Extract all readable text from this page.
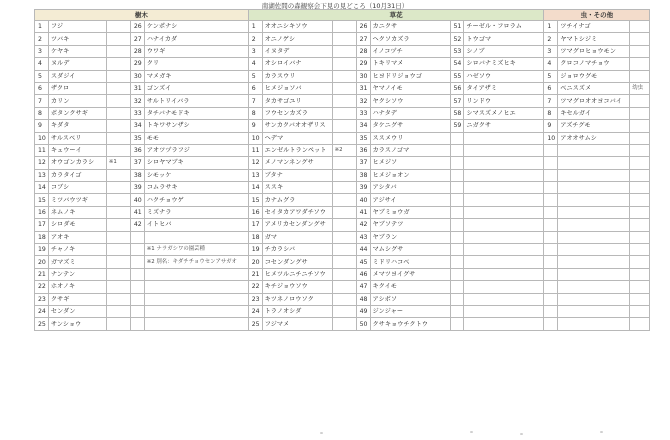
南湖佐間の森観察会下見の見どころ（10月31日）
樹木					草花							虫・その他		
1	フジ		26	ケンポナシ	1	オオニシキソウ		26	カニクサ	51	チーゼル・フロラム	1	ツチイナゴ	
2	ツバキ		27	ハナイカダ	2	オニノゲシ		27	ヘクソカズラ	52	トウゴマ	2	ヤマトシジミ	
3	ケヤキ		28	ウワギ	3	イヌタデ		28	イノコヅチ	53	シノブ	3	ツマグロヒョウモン	
4	ヌルデ		29	クリ	4	オシロイバナ		29	トキリマメ	54	シロバナミズヒキ	4	クロコノマチョウ	
5	スダジイ		30	マメガキ	5	カラスウリ		30	ヒヨドリジョウゴ	55	ハゼソウ	5	ジョロウグモ	
6	ザクロ		31	ゴンズイ	6	ヒメジョソバ		31	ヤマノイモ	56	タイアザミ	6	ベニスズメ	幼虫
7	カリン		32	サルトリイバラ	7	タカサゴユリ		32	ヤクシソウ	57	リンドウ	7	ツマグロオオヨコバイ	
8	ボタンクサギ		33	タチバナモドキ	8	フウセンカズラ		33	ハナタデ	58	シマスズメノヒエ	8	キセルガイ	
9	キダタ		34	トキワサンザシ	9	サンカクバオオザリス		34	タケニグサ	59	ニガクサ	9	アズチグモ	
10	サルスベリ		35	モモ	10	ヘデマ		35	ススメウリ			10	アオオサムシ	
11	キュウーイ		36	アオツヅラフジ	11	エンゼルトランペット	※2	36	カラスノゴマ					
12	オウゴンカラシ	※1	37	シロヤマブキ	12	メノマンネングサ		37	ヒメジソ					
13	カラタイゴ		38	シモッケ	13	ブタナ		38	ヒメジョオン					
14	コブシ		39	コムラサキ	14	ススキ		39	アシタバ					
15	ミツバウツギ		40	ハクチョウゲ	15	カナムグラ		40	アジサイ					
16	ネムノキ		41	ミズナラ	16	セイタカアワダチソウ		41	ヤブミョウガ					
17	シロダモ		42	イトヒバ	17	アメリカセンダングサ		42	ヤブソテツ					
18	アオキ				18	ガマ		43	ヤブラン					
19	チャノキ			※1 ナラガシワの園芸種	19	チカラシバ		44	マムシグサ					
20	ガマズミ			※2 別名：キダチチョウセンアサガオ	20	コセンダングサ		45	ミドリハコベ					
21	ナンテン				21	ヒメツルニチニチソウ		46	メマツヨイグサ					
22	ホオノキ				22	キチジョウソウ		47	キクイモ					
23	クサギ				23	キツネノロウソク		48	アシボソ					
24	センダン				24	トラノオシダ		49	ジンジャー					
25	サンショウ				25	フジマメ		50	クサキョウチクトウ					
